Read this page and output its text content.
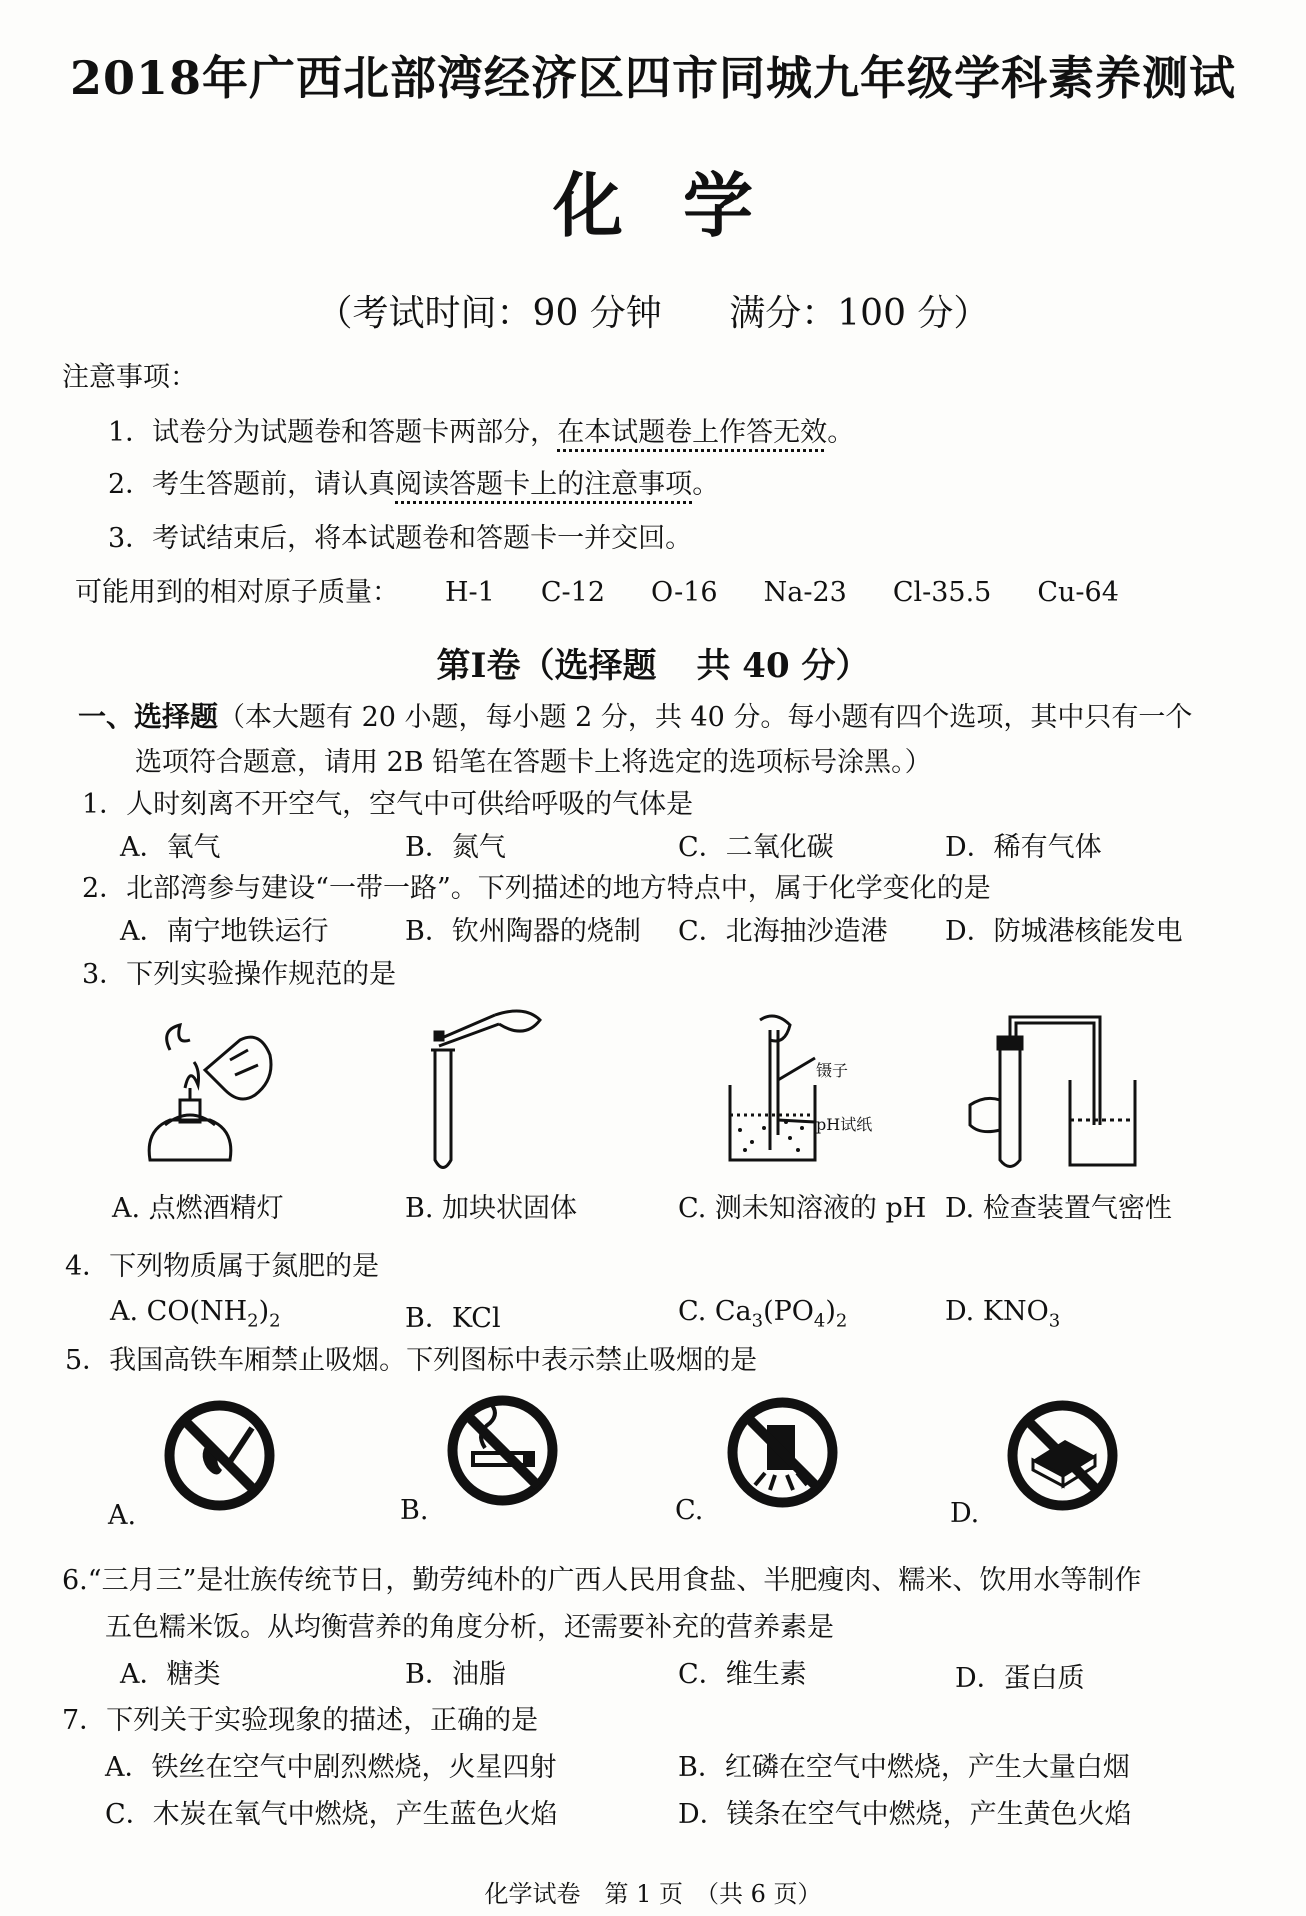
2018年广西北部湾经济区四市同城九年级学科素养测试
化学
（考试时间：90 分钟 满分：100 分）
注意事项：
1．试卷分为试题卷和答题卡两部分，在本试题卷上作答无效。
2．考生答题前，请认真阅读答题卡上的注意事项。
3．考试结束后，将本试题卷和答题卡一并交回。
可能用到的相对原子质量： H-1 C-12 O-16 Na-23 Cl-35.5 Cu-64
第Ⅰ卷（选择题 共 40 分）
一、选择题（本大题有 20 小题，每小题 2 分，共 40 分。每小题有四个选项，其中只有一个
选项符合题意，请用 2B 铅笔在答题卡上将选定的选项标号涂黑。）
1．人时刻离不开空气，空气中可供给呼吸的气体是
A．氧气	B．氮气	C．二氧化碳	D．稀有气体
2．北部湾参与建设“一带一路”。下列描述的地方特点中，属于化学变化的是
A．南宁地铁运行	B．钦州陶器的烧制 C．北海抽沙造港 D．防城港核能发电
3．下列实验操作规范的是
镊子
pH试纸
A. 点燃酒精灯	B. 加块状固体	C. 测未知溶液的 pH D. 检查装置气密性
4．下列物质属于氮肥的是
A. $CO(NH_2)_2$	B．KCl	C. $Ca_3(PO_4)_2$	D. $KNO_3$
5．我国高铁车厢禁止吸烟。下列图标中表示禁止吸烟的是
A.	B.	C.	D.
6.“三月三”是壮族传统节日，勤劳纯朴的广西人民用食盐、半肥瘦肉、糯米、饮用水等制作
五色糯米饭。从均衡营养的角度分析，还需要补充的营养素是
A．糖类	B．油脂	C．维生素	D．蛋白质
7．下列关于实验现象的描述，正确的是
A．铁丝在空气中剧烈燃烧，火星四射	B．红磷在空气中燃烧，产生大量白烟
C．木炭在氧气中燃烧，产生蓝色火焰	D．镁条在空气中燃烧，产生黄色火焰
化学试卷　第 1 页　（共 6 页）
